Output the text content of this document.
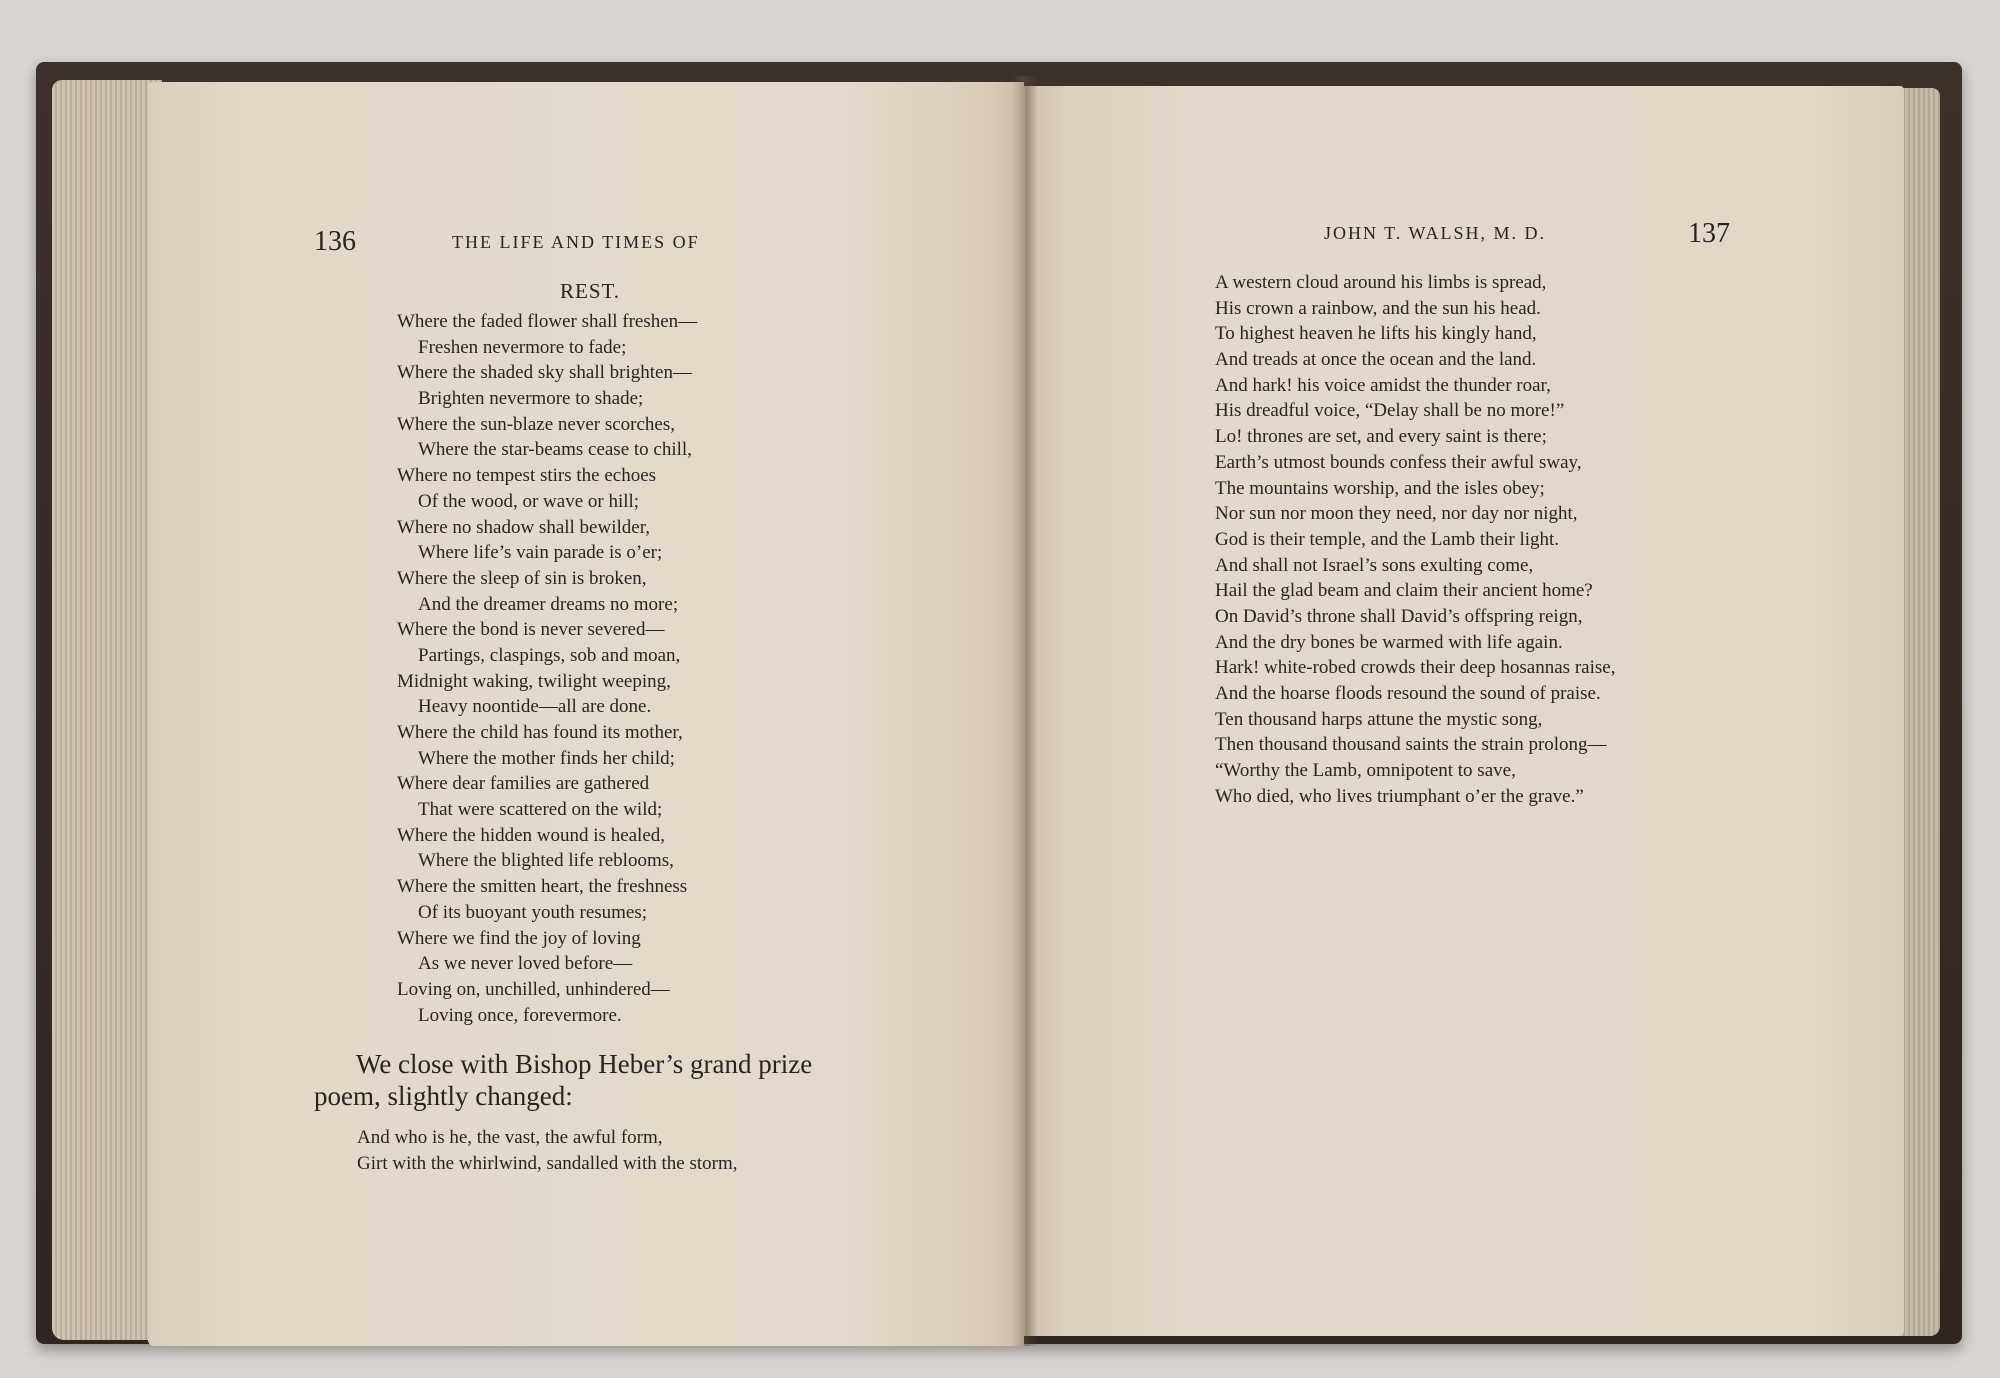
136	THE LIFE AND TIMES OF
REST.
Where the faded flower shall freshen—
Freshen nevermore to fade;
Where the shaded sky shall brighten—
Brighten nevermore to shade;
Where the sun-blaze never scorches,
Where the star-beams cease to chill,
Where no tempest stirs the echoes
Of the wood, or wave or hill;
Where no shadow shall bewilder,
Where life’s vain parade is o’er;
Where the sleep of sin is broken,
And the dreamer dreams no more;
Where the bond is never severed—
Partings, claspings, sob and moan,
Midnight waking, twilight weeping,
Heavy noontide—all are done.
Where the child has found its mother,
Where the mother finds her child;
Where dear families are gathered
That were scattered on the wild;
Where the hidden wound is healed,
Where the blighted life reblooms,
Where the smitten heart, the freshness
Of its buoyant youth resumes;
Where we find the joy of loving
As we never loved before—
Loving on, unchilled, unhindered—
Loving once, forevermore.
We close with Bishop Heber’s grand prize
poem, slightly changed:
And who is he, the vast, the awful form,
Girt with the whirlwind, sandalled with the storm,
JOHN T. WALSH, M. D.	137
A western cloud around his limbs is spread,
His crown a rainbow, and the sun his head.
To highest heaven he lifts his kingly hand,
And treads at once the ocean and the land.
And hark! his voice amidst the thunder roar,
His dreadful voice, “Delay shall be no more!”
Lo! thrones are set, and every saint is there;
Earth’s utmost bounds confess their awful sway,
The mountains worship, and the isles obey;
Nor sun nor moon they need, nor day nor night,
God is their temple, and the Lamb their light.
And shall not Israel’s sons exulting come,
Hail the glad beam and claim their ancient home?
On David’s throne shall David’s offspring reign,
And the dry bones be warmed with life again.
Hark! white-robed crowds their deep hosannas raise,
And the hoarse floods resound the sound of praise.
Ten thousand harps attune the mystic song,
Then thousand thousand saints the strain prolong—
“Worthy the Lamb, omnipotent to save,
Who died, who lives triumphant o’er the grave.”
